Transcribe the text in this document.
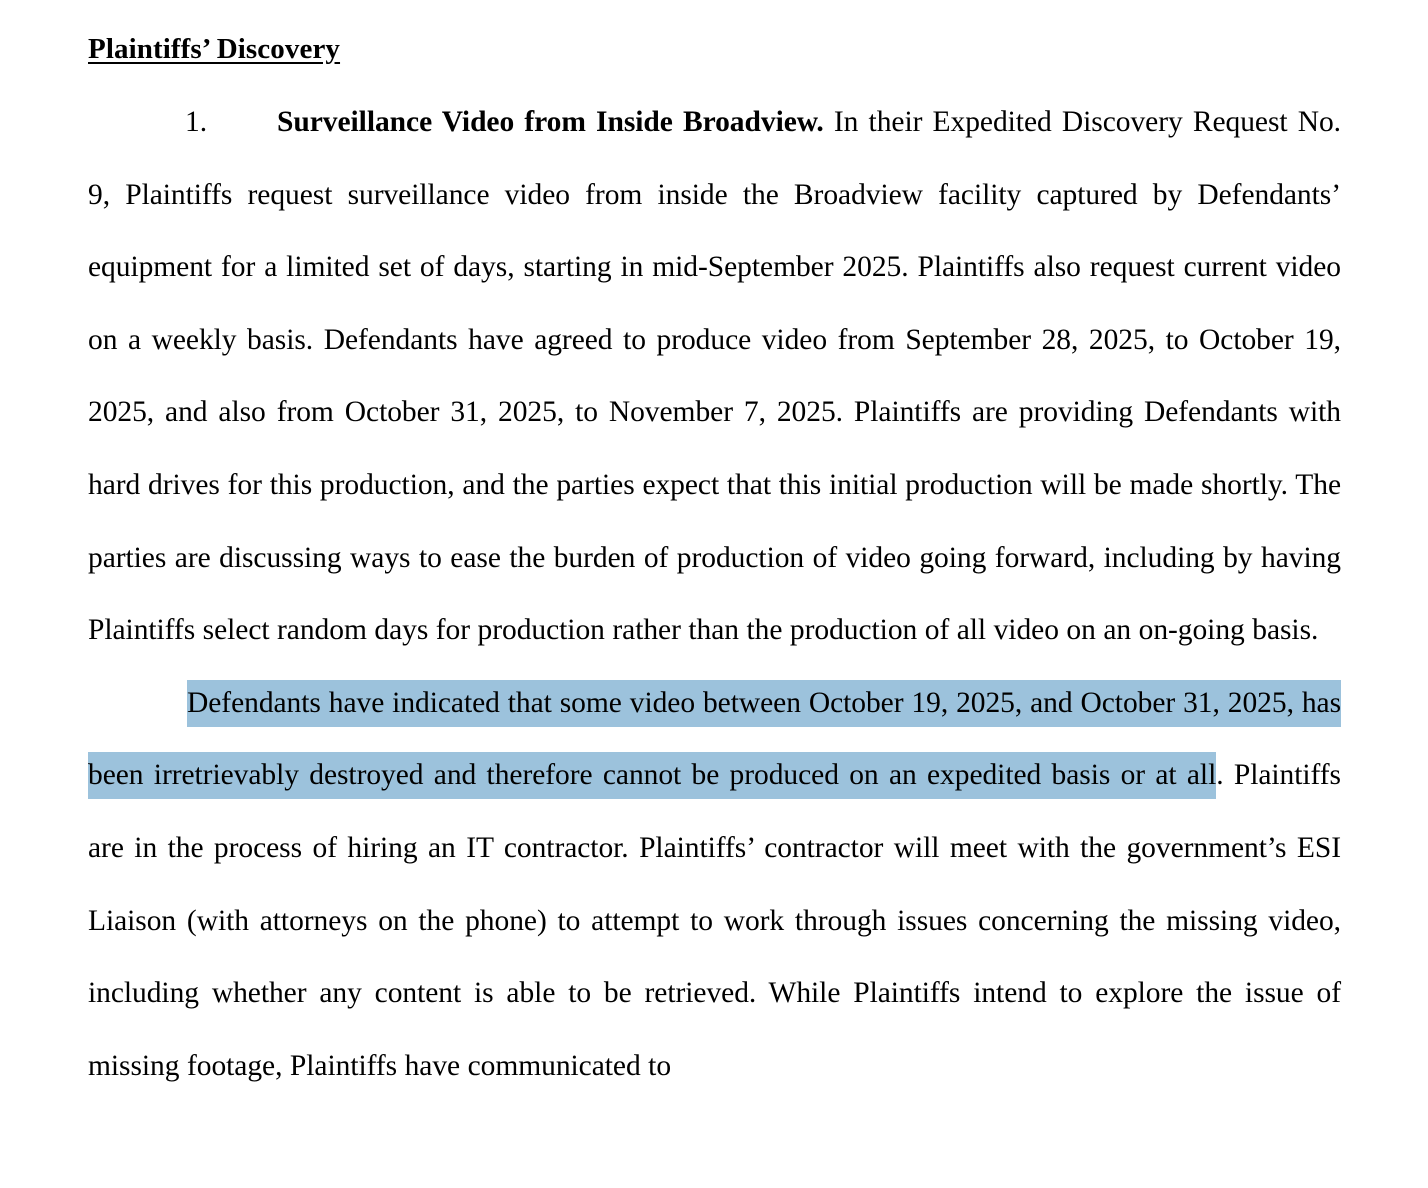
Plaintiffs’ Discovery

1. Surveillance Video from Inside Broadview. In their Expedited Discovery Request No. 9, Plaintiffs request surveillance video from inside the Broadview facility captured by Defendants’ equipment for a limited set of days, starting in mid-September 2025. Plaintiffs also request current video on a weekly basis. Defendants have agreed to produce video from September 28, 2025, to October 19, 2025, and also from October 31, 2025, to November 7, 2025. Plaintiffs are providing Defendants with hard drives for this production, and the parties expect that this initial production will be made shortly. The parties are discussing ways to ease the burden of production of video going forward, including by having Plaintiffs select random days for production rather than the production of all video on an on-going basis.

Defendants have indicated that some video between October 19, 2025, and October 31, 2025, has been irretrievably destroyed and therefore cannot be produced on an expedited basis or at all. Plaintiffs are in the process of hiring an IT contractor. Plaintiffs’ contractor will meet with the government’s ESI Liaison (with attorneys on the phone) to attempt to work through issues concerning the missing video, including whether any content is able to be retrieved. While Plaintiffs intend to explore the issue of missing footage, Plaintiffs have communicated to
